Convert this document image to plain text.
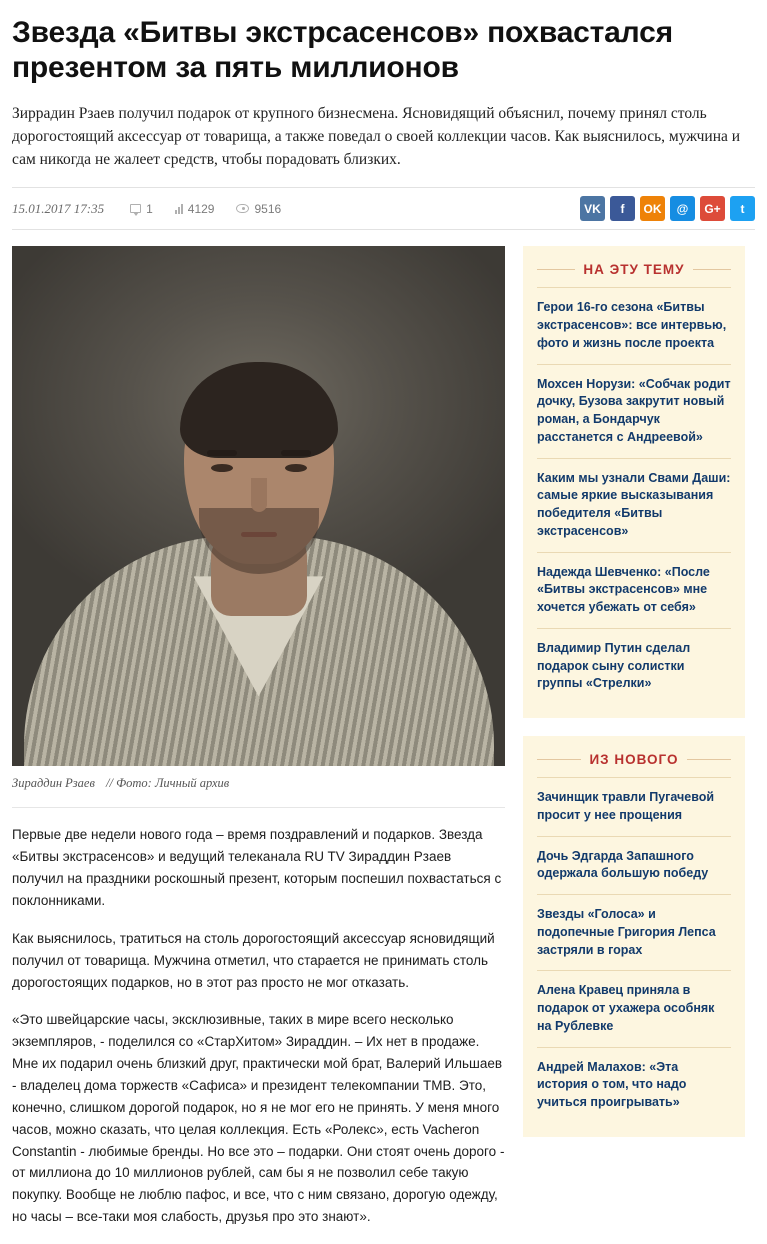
Звезда «Битвы экстрсасенсов» похвастался презентом за пять миллионов

Зиррадин Рзаев получил подарок от крупного бизнесмена. Ясновидящий объяснил, почему принял столь дорогостоящий аксессуар от товарища, а также поведал о своей коллекции часов. Как выяснилось, мужчина и сам никогда не жалеет средств, чтобы порадовать близких.

15.01.2017 17:35	1	4129	9516	VK	f	OK	@	G+	t
Зираддин Рзаев // Фото: Личный архив

Первые две недели нового года – время поздравлений и подарков. Звезда «Битвы экстрасенсов» и ведущий телеканала RU TV Зираддин Рзаев получил на праздники роскошный презент, которым поспешил похвастаться с поклонниками.

Как выяснилось, тратиться на столь дорогостоящий аксессуар ясновидящий получил от товарища. Мужчина отметил, что старается не принимать столь дорогостоящих подарков, но в этот раз просто не мог отказать.

«Это швейцарские часы, эксклюзивные, таких в мире всего несколько экземпляров, - поделился со «СтарХитом» Зираддин. – Их нет в продаже. Мне их подарил очень близкий друг, практически мой брат, Валерий Ильшаев - владелец дома торжеств «Сафиса» и президент телекомпании ТМВ. Это, конечно, слишком дорогой подарок, но я не мог его не принять. У меня много часов, можно сказать, что целая коллекция. Есть «Ролекс», есть Vacheron Constantin - любимые бренды. Но все это – подарки. Они стоят очень дорого - от миллиона до 10 миллионов рублей, сам бы я не позволил себе такую покупку. Вообще не люблю пафос, и все, что с ним связано, дорогую одежду, но часы – все-таки моя слабость, друзья про это знают».

НА ЭТУ ТЕМУ
Герои 16-го сезона «Битвы экстрасенсов»: все интервью, фото и жизнь после проекта
Мохсен Норузи: «Собчак родит дочку, Бузова закрутит новый роман, а Бондарчук расстанется с Андреевой»
Каким мы узнали Свами Даши: самые яркие высказывания победителя «Битвы экстрасенсов»
Надежда Шевченко: «После «Битвы экстрасенсов» мне хочется убежать от себя»
Владимир Путин сделал подарок сыну солистки группы «Стрелки»
ИЗ НОВОГО
Зачинщик травли Пугачевой просит у нее прощения
Дочь Эдгарда Запашного одержала большую победу
Звезды «Голоса» и подопечные Григория Лепса застряли в горах
Алена Кравец приняла в подарок от ухажера особняк на Рублевке
Андрей Малахов: «Эта история о том, что надо учиться проигрывать»
